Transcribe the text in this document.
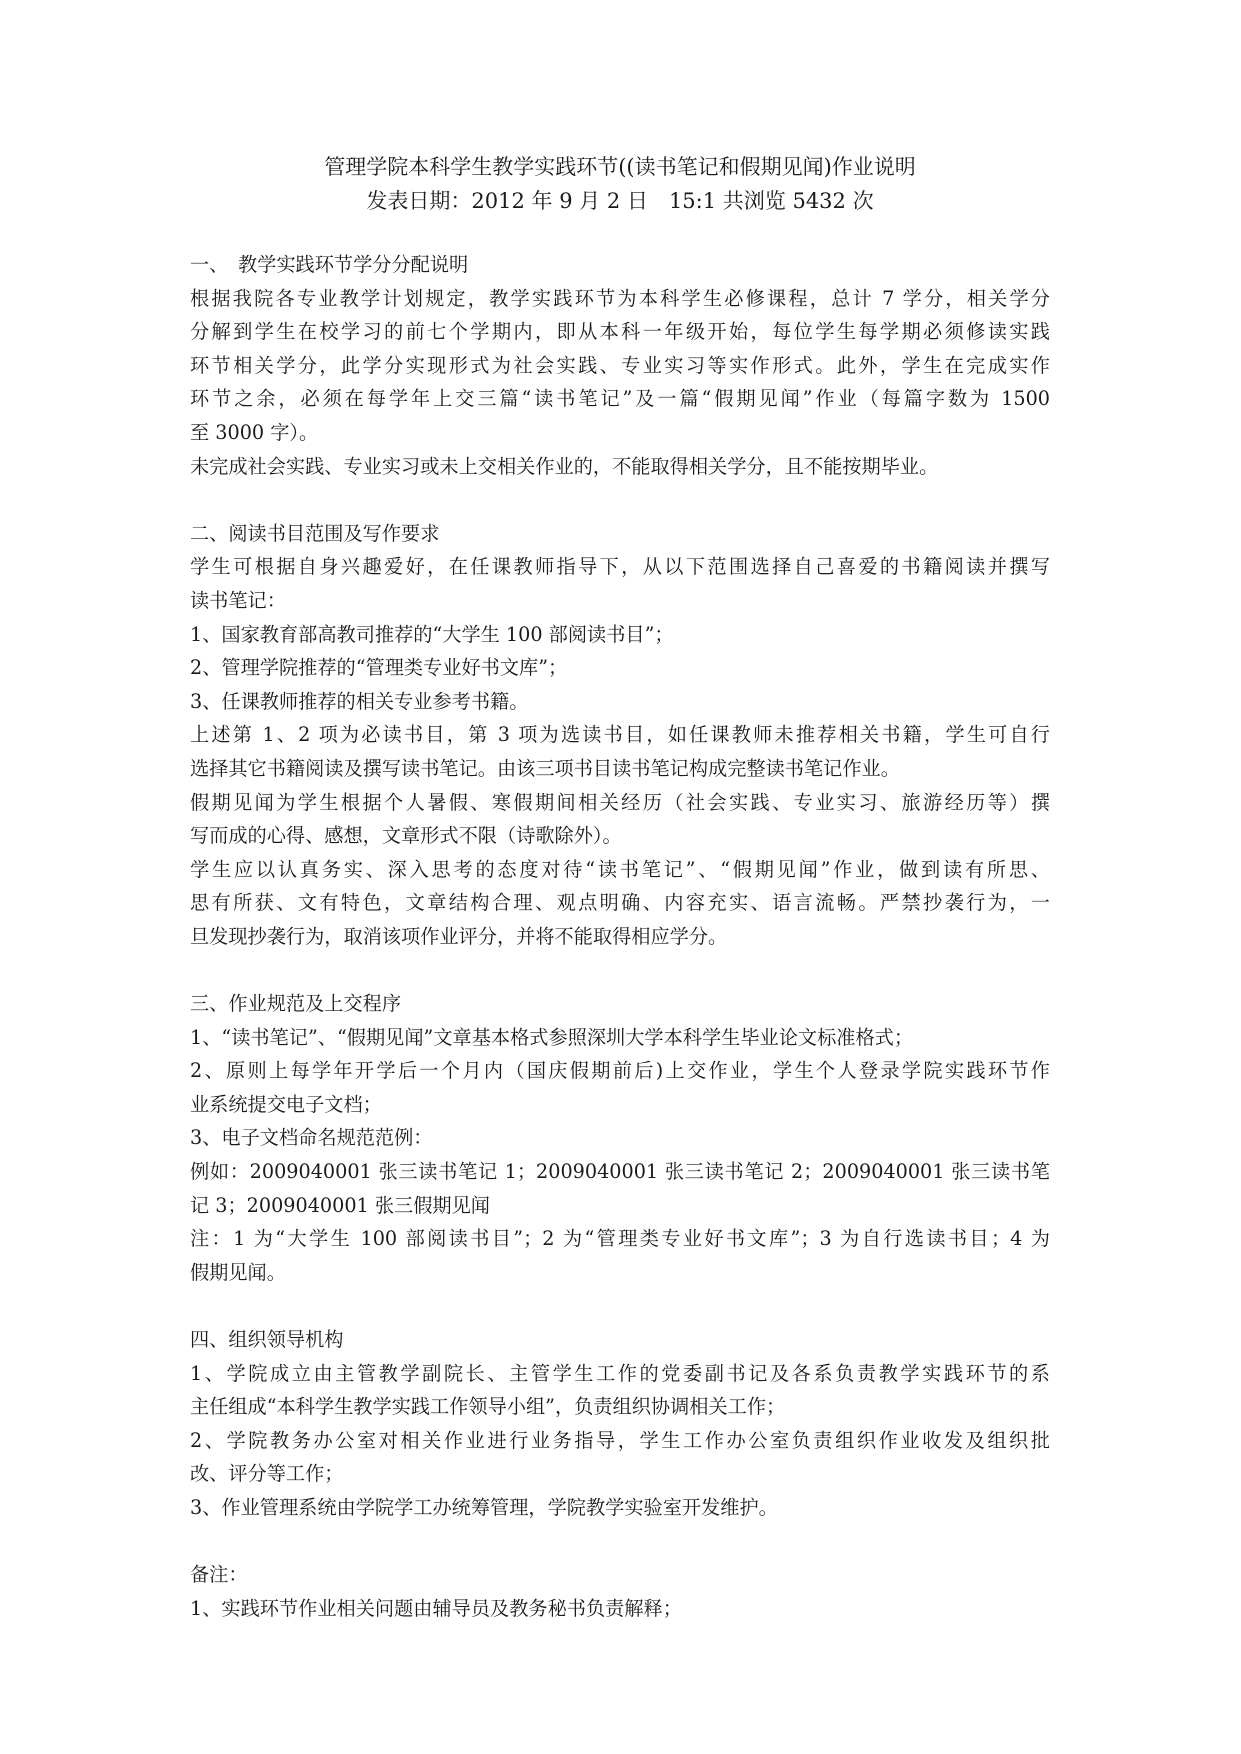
管理学院本科学生教学实践环节((读书笔记和假期见闻)作业说明
发表日期：2012 年 9 月 2 日　15:1 共浏览 5432 次
一、　教学实践环节学分分配说明
根据我院各专业教学计划规定，教学实践环节为本科学生必修课程，总计 7 学分，相关学分
分解到学生在校学习的前七个学期内，即从本科一年级开始，每位学生每学期必须修读实践
环节相关学分，此学分实现形式为社会实践、专业实习等实作形式。此外，学生在完成实作
环节之余，必须在每学年上交三篇“读书笔记”及一篇“假期见闻”作业（每篇字数为 1500
至 3000 字）。
未完成社会实践、专业实习或未上交相关作业的，不能取得相关学分，且不能按期毕业。
二、阅读书目范围及写作要求
学生可根据自身兴趣爱好，在任课教师指导下，从以下范围选择自己喜爱的书籍阅读并撰写
读书笔记：
1、国家教育部高教司推荐的“大学生 100 部阅读书目”；
2、管理学院推荐的“管理类专业好书文库”；
3、任课教师推荐的相关专业参考书籍。
上述第 1、2 项为必读书目，第 3 项为选读书目，如任课教师未推荐相关书籍，学生可自行
选择其它书籍阅读及撰写读书笔记。由该三项书目读书笔记构成完整读书笔记作业。
假期见闻为学生根据个人暑假、寒假期间相关经历（社会实践、专业实习、旅游经历等）撰
写而成的心得、感想，文章形式不限（诗歌除外）。
学生应以认真务实、深入思考的态度对待“读书笔记”、“假期见闻”作业，做到读有所思、
思有所获、文有特色，文章结构合理、观点明确、内容充实、语言流畅。严禁抄袭行为，一
旦发现抄袭行为，取消该项作业评分，并将不能取得相应学分。
三、作业规范及上交程序
1、“读书笔记”、“假期见闻”文章基本格式参照深圳大学本科学生毕业论文标准格式；
2、原则上每学年开学后一个月内（国庆假期前后)上交作业，学生个人登录学院实践环节作
业系统提交电子文档；
3、电子文档命名规范范例：
例如：2009040001 张三读书笔记 1；2009040001 张三读书笔记 2；2009040001 张三读书笔
记 3；2009040001 张三假期见闻
注：1 为“大学生 100 部阅读书目”；2 为“管理类专业好书文库”；3 为自行选读书目；4 为
假期见闻。
四、组织领导机构
1、学院成立由主管教学副院长、主管学生工作的党委副书记及各系负责教学实践环节的系
主任组成“本科学生教学实践工作领导小组”，负责组织协调相关工作；
2、学院教务办公室对相关作业进行业务指导，学生工作办公室负责组织作业收发及组织批
改、评分等工作；
3、作业管理系统由学院学工办统筹管理，学院教学实验室开发维护。
备注：
1、实践环节作业相关问题由辅导员及教务秘书负责解释；
